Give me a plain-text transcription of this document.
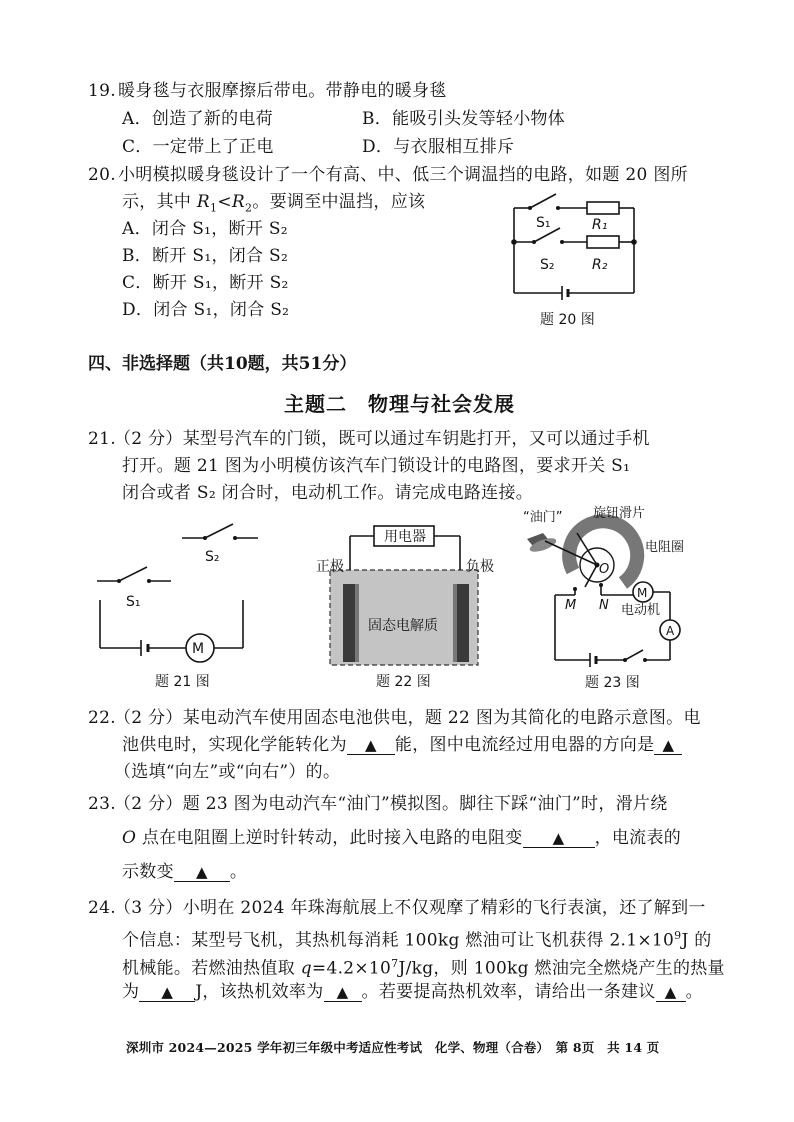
19. 暖身毯与衣服摩擦后带电。带静电的暖身毯
A．创造了新的电荷	B．能吸引头发等轻小物体
C．一定带上了正电	D．与衣服相互排斥
20. 小明模拟暖身毯设计了一个有高、中、低三个调温挡的电路，如题 20 图所
示，其中 $R_1<R_2$。要调至中温挡，应该
A．闭合 S₁，断开 S₂
B．断开 S₁，闭合 S₂
C．断开 S₁，断开 S₂
D．闭合 S₁，闭合 S₂
S₁	R₁
S₂	R₂
题 20 图
四、非选择题（共10题，共51分）
主题二　物理与社会发展
21.
（2 分）某型号汽车的门锁，既可以通过车钥匙打开，又可以通过手机
打开。题 21 图为小明模仿该汽车门锁设计的电路图，要求开关 S₁
闭合或者 S₂ 闭合时，电动机工作。请完成电路连接。
S₂
S₁
M
题 21 图
用电器
正极	负极
固态电解质
题 22 图
“油门” 旋钮滑片
电阻圈
O
M N
M
电动机
A
题 23 图
22.
（2 分）某电动汽车使用固态电池供电，题 22 图为其简化的电路示意图。电
池供电时，实现化学能转化为 ▲ 能，图中电流经过用电器的方向是 ▲
（选填“向左”或“向右”）的。
23.
（2 分）题 23 图为电动汽车“油门”模拟图。脚往下踩“油门”时，滑片绕
O 点在电阻圈上逆时针转动，此时接入电路的电阻变 ▲ ，电流表的
示数变 ▲ 。
24.
（3 分）小明在 2024 年珠海航展上不仅观摩了精彩的飞行表演，还了解到一
个信息：某型号飞机，其热机每消耗 100kg 燃油可让飞机获得 $2.1\times 10^9J$ 的
机械能。若燃油热值取 $q=4.2\times 10^7J/kg$，则 100kg 燃油完全燃烧产生的热量
为 ▲ J，该热机效率为 ▲ 。若要提高热机效率，请给出一条建议 ▲ 。
深圳市 2024—2025 学年初三年级中考适应性考试　化学、物理（合卷）　第 8页　共 14 页
